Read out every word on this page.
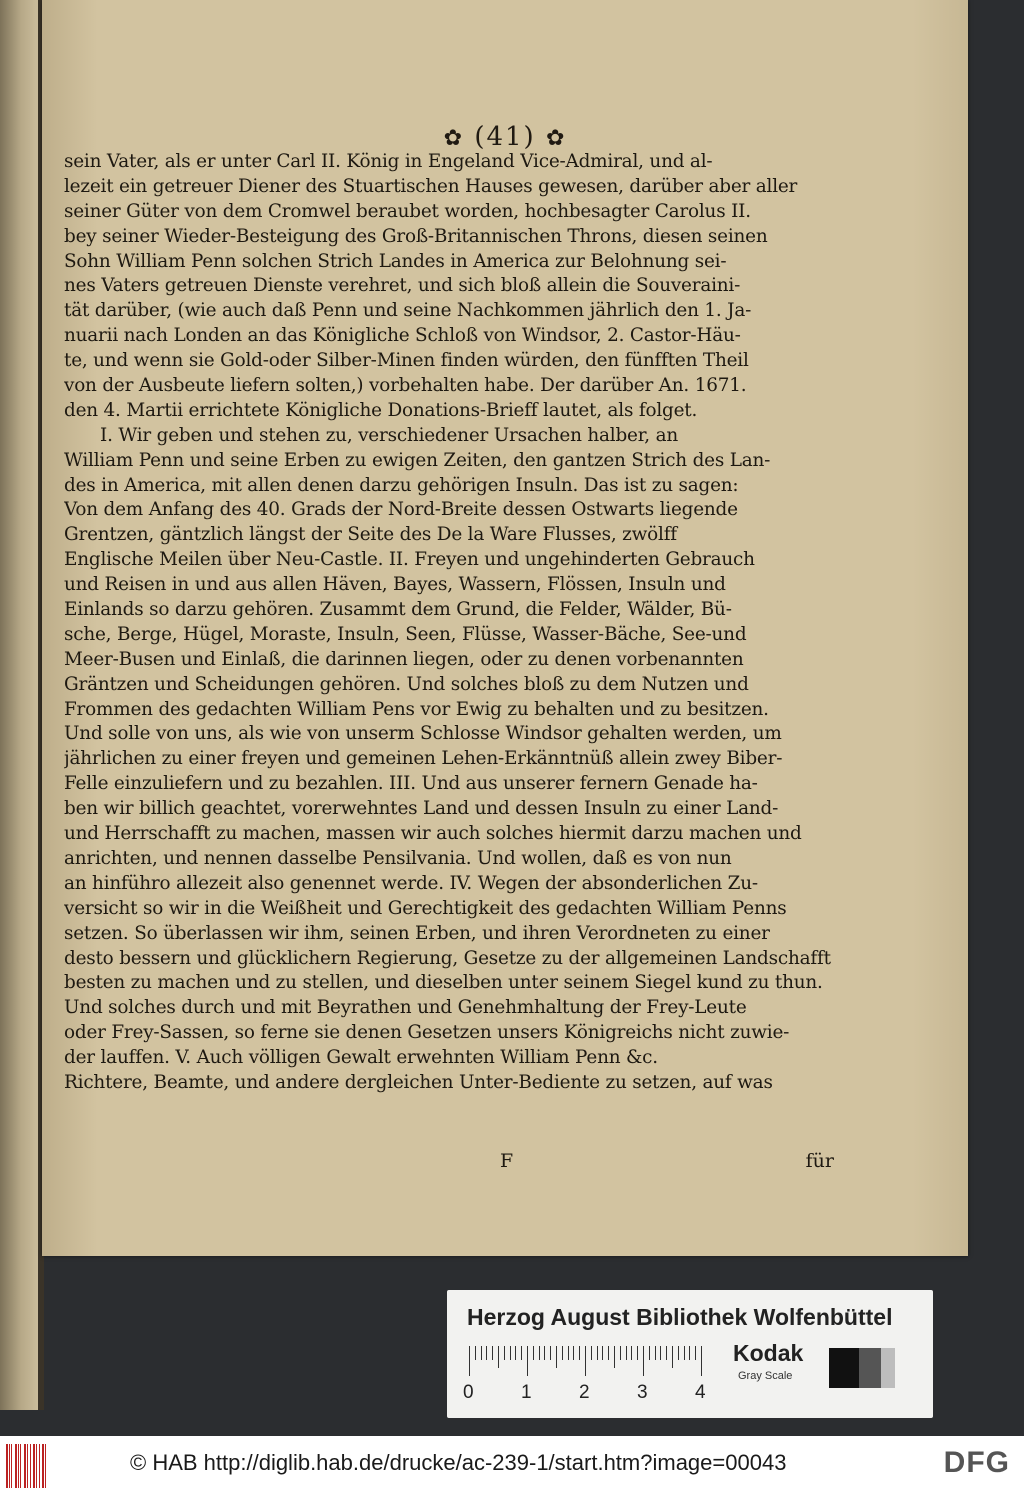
✿ (41) ✿
sein Vater, als er unter Carl II. König in Engeland Vice-Admiral, und al-
lezeit ein getreuer Diener des Stuartischen Hauses gewesen, darüber aber aller
seiner Güter von dem Cromwel beraubet worden, hochbesagter Carolus II.
bey seiner Wieder-Besteigung des Groß-Britannischen Throns, diesen seinen
Sohn William Penn solchen Strich Landes in America zur Belohnung sei-
nes Vaters getreuen Dienste verehret, und sich bloß allein die Souveraini-
tät darüber, (wie auch daß Penn und seine Nachkommen jährlich den 1. Ja-
nuarii nach Londen an das Königliche Schloß von Windsor, 2. Castor-Häu-
te, und wenn sie Gold-oder Silber-Minen finden würden, den fünfften Theil
von der Ausbeute liefern solten,) vorbehalten habe. Der darüber An. 1671.
den 4. Martii errichtete Königliche Donations-Brieff lautet, als folget.
I. Wir geben und stehen zu, verschiedener Ursachen halber, an
William Penn und seine Erben zu ewigen Zeiten, den gantzen Strich des Lan-
des in America, mit allen denen darzu gehörigen Insuln. Das ist zu sagen:
Von dem Anfang des 40. Grads der Nord-Breite dessen Ostwarts liegende
Grentzen, gäntzlich längst der Seite des De la Ware Flusses, zwölff
Englische Meilen über Neu-Castle. II. Freyen und ungehinderten Gebrauch
und Reisen in und aus allen Häven, Bayes, Wassern, Flössen, Insuln und
Einlands so darzu gehören. Zusammt dem Grund, die Felder, Wälder, Bü-
sche, Berge, Hügel, Moraste, Insuln, Seen, Flüsse, Wasser-Bäche, See-und
Meer-Busen und Einlaß, die darinnen liegen, oder zu denen vorbenannten
Gräntzen und Scheidungen gehören. Und solches bloß zu dem Nutzen und
Frommen des gedachten William Pens vor Ewig zu behalten und zu besitzen.
Und solle von uns, als wie von unserm Schlosse Windsor gehalten werden, um
jährlichen zu einer freyen und gemeinen Lehen-Erkänntnüß allein zwey Biber-
Felle einzuliefern und zu bezahlen. III. Und aus unserer fernern Genade ha-
ben wir billich geachtet, vorerwehntes Land und dessen Insuln zu einer Land-
und Herrschafft zu machen, massen wir auch solches hiermit darzu machen und
anrichten, und nennen dasselbe Pensilvania. Und wollen, daß es von nun
an hinführo allezeit also genennet werde. IV. Wegen der absonderlichen Zu-
versicht so wir in die Weißheit und Gerechtigkeit des gedachten William Penns
setzen. So überlassen wir ihm, seinen Erben, und ihren Verordneten zu einer
desto bessern und glücklichern Regierung, Gesetze zu der allgemeinen Landschafft
besten zu machen und zu stellen, und dieselben unter seinem Siegel kund zu thun.
Und solches durch und mit Beyrathen und Genehmhaltung der Frey-Leute
oder Frey-Sassen, so ferne sie denen Gesetzen unsers Königreichs nicht zuwie-
der lauffen. V. Auch völligen Gewalt erwehnten William Penn &c.
Richtere, Beamte, und andere dergleichen Unter-Bediente zu setzen, auf was
F	für
Herzog August Bibliothek Wolfenbüttel
0 1 2 3 4
Kodak
Gray Scale
© HAB http://diglib.hab.de/drucke/ac-239-1/start.htm?image=00043	DFG
